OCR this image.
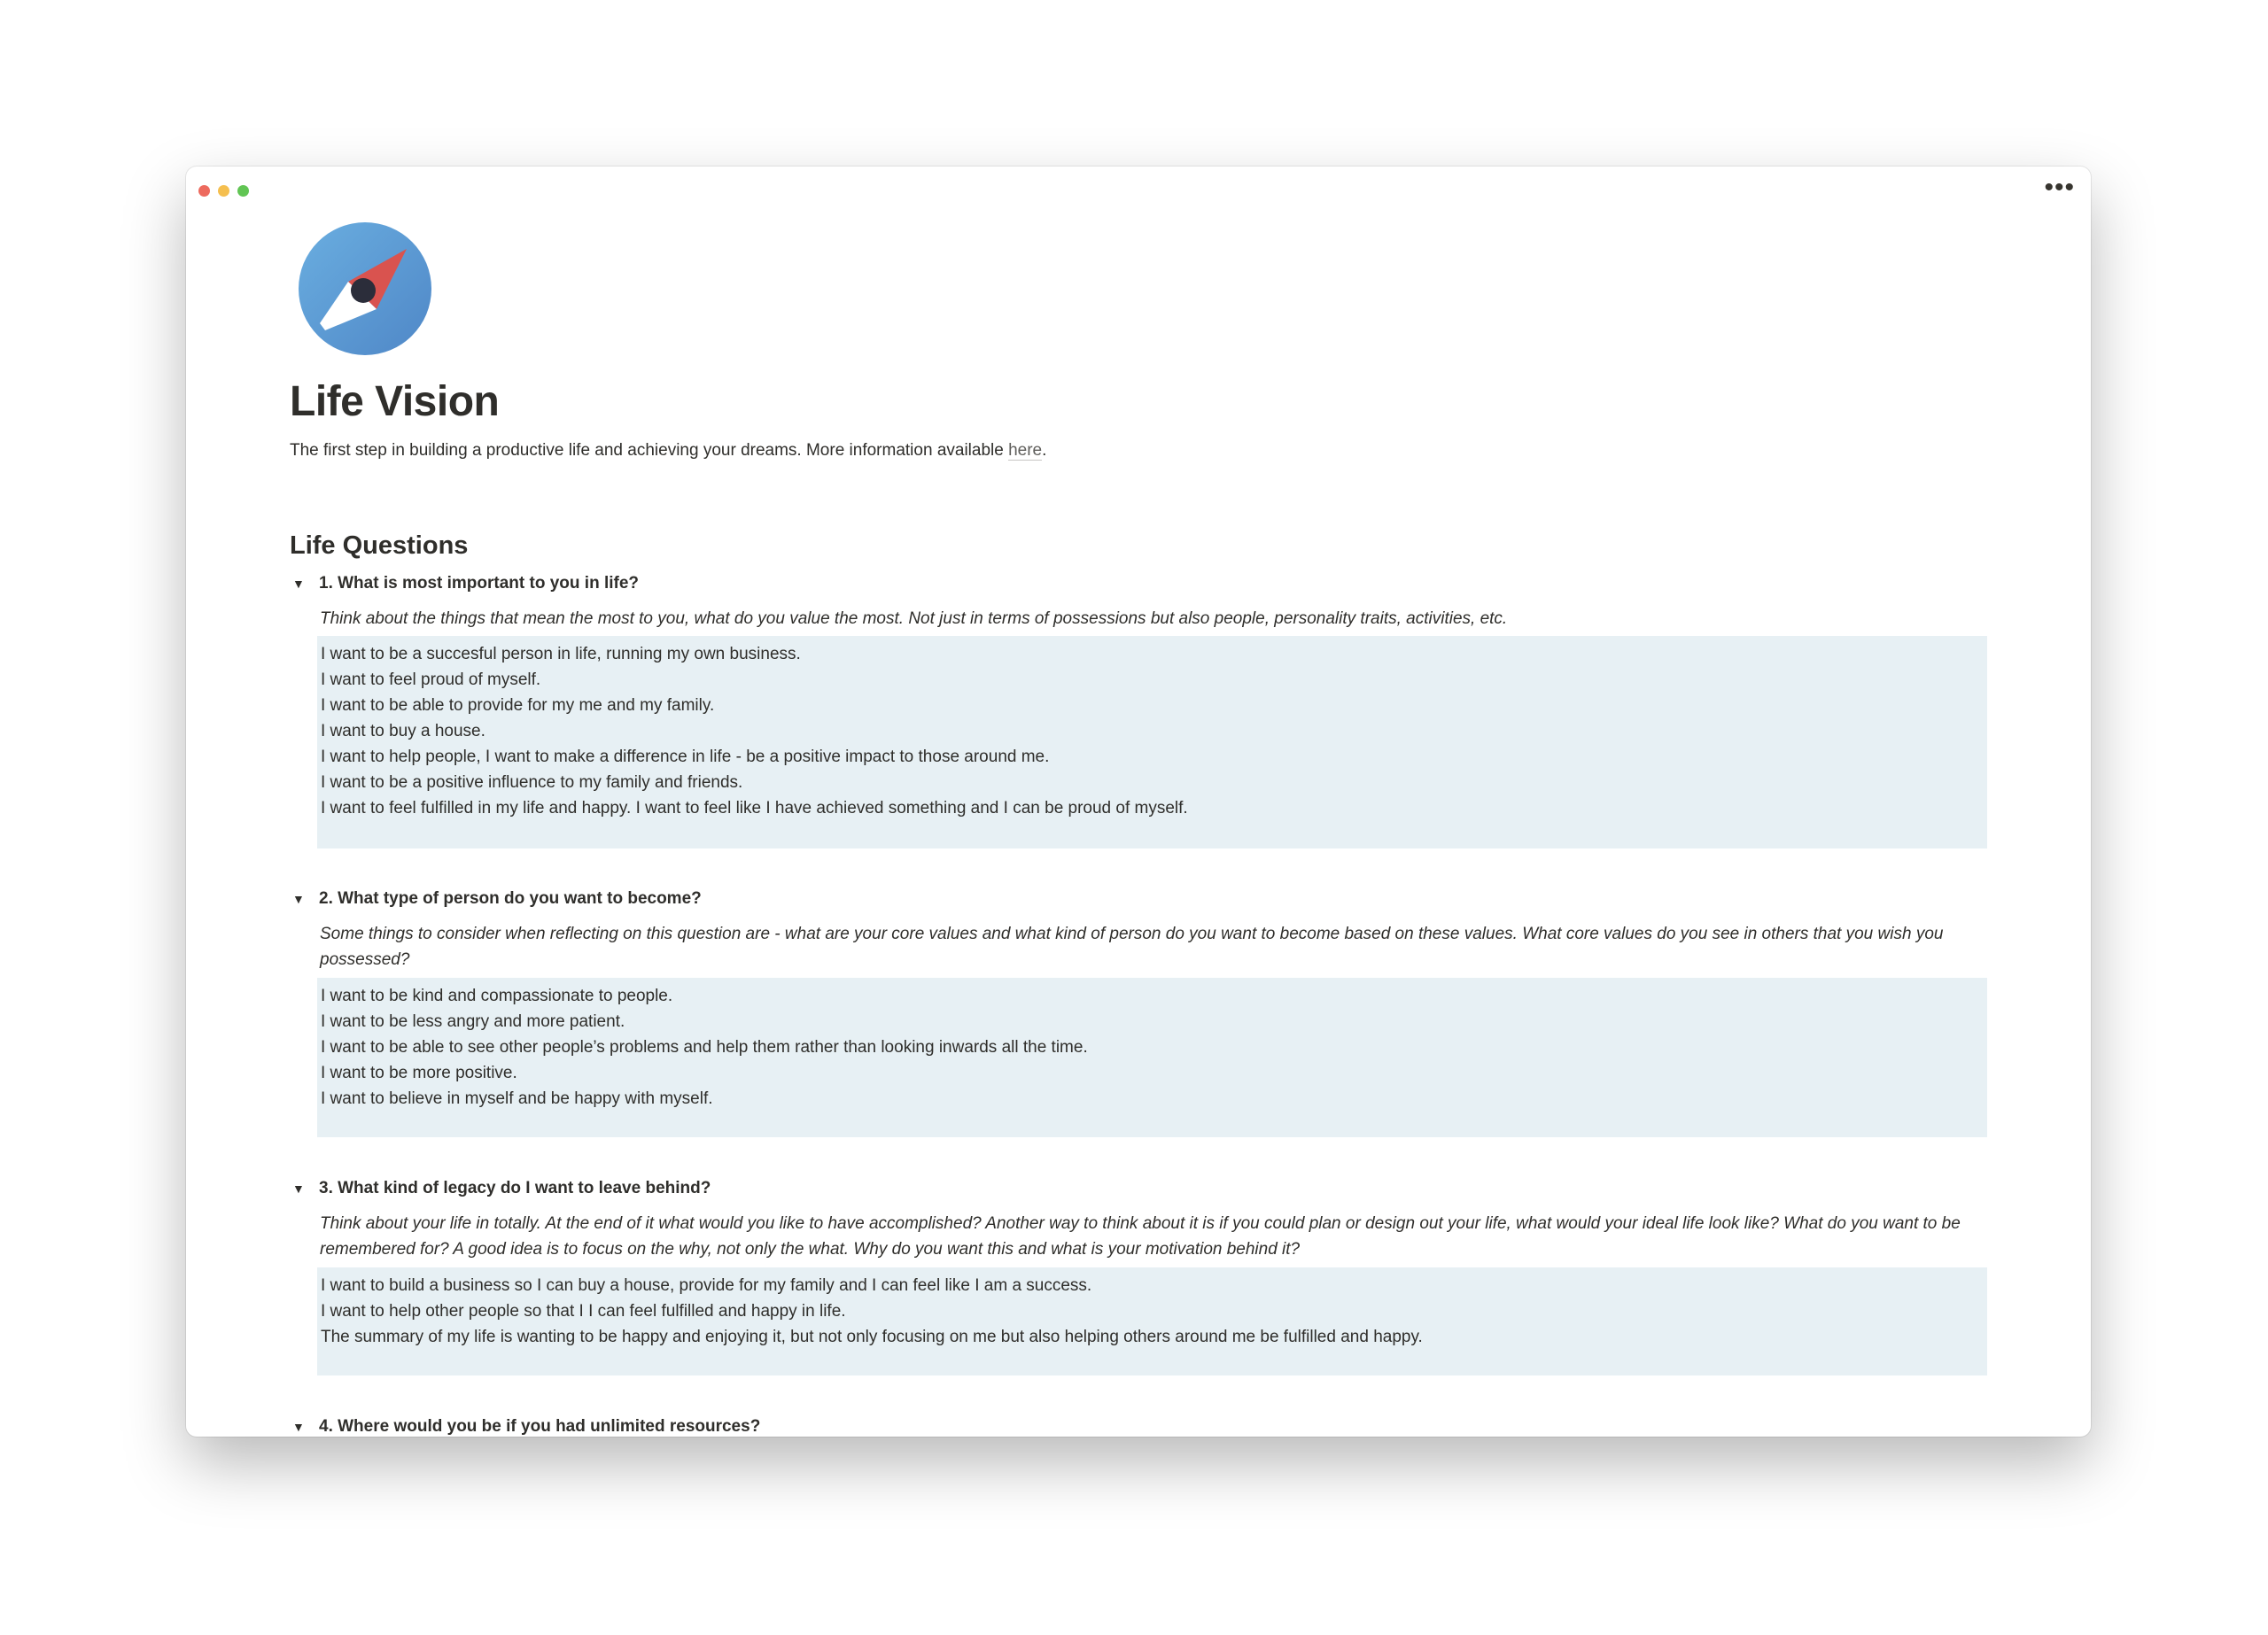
•••
Life Vision

The first step in building a productive life and achieving your dreams. More information available here.

Life Questions
▼ 1. What is most important to you in life?

Think about the things that mean the most to you, what do you value the most. Not just in terms of possessions but also people, personality traits, activities, etc.

I want to be a succesful person in life, running my own business.
I want to feel proud of myself.
I want to be able to provide for my me and my family.
I want to buy a house.
I want to help people, I want to make a difference in life - be a positive impact to those around me.
I want to be a positive influence to my family and friends.
I want to feel fulfilled in my life and happy. I want to feel like I have achieved something and I can be proud of myself.
▼ 2. What type of person do you want to become?

Some things to consider when reflecting on this question are - what are your core values and what kind of person do you want to become based on these values. What core values do you see in others that you wish you possessed?

I want to be kind and compassionate to people.
I want to be less angry and more patient.
I want to be able to see other people’s problems and help them rather than looking inwards all the time.
I want to be more positive.
I want to believe in myself and be happy with myself.
▼ 3. What kind of legacy do I want to leave behind?

Think about your life in totally. At the end of it what would you like to have accomplished? Another way to think about it is if you could plan or design out your life, what would your ideal life look like? What do you want to be remembered for? A good idea is to focus on the why, not only the what. Why do you want this and what is your motivation behind it?

I want to build a business so I can buy a house, provide for my family and I can feel like I am a success.
I want to help other people so that I I can feel fulfilled and happy in life.
The summary of my life is wanting to be happy and enjoying it, but not only focusing on me but also helping others around me be fulfilled and happy.
▼ 4. Where would you be if you had unlimited resources?
